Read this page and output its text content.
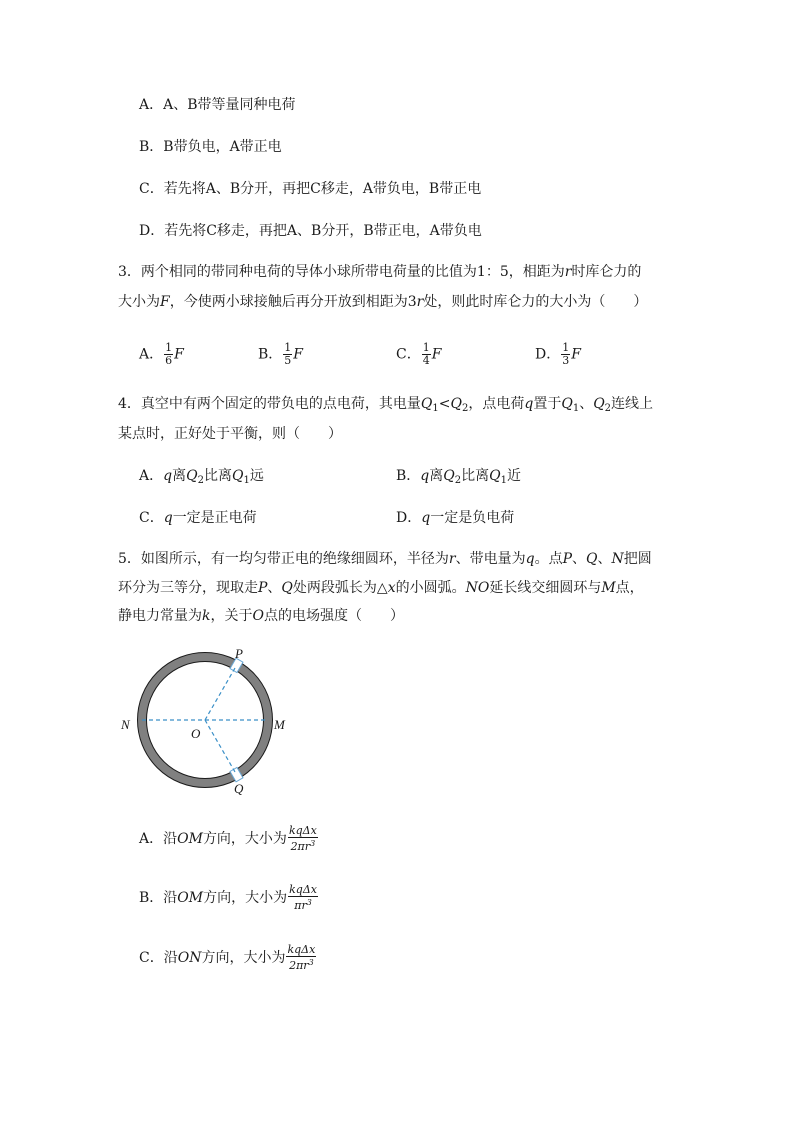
A．A、B带等量同种电荷
B．B带负电，A带正电
C．若先将A、B分开，再把C移走，A带负电，B带正电
D．若先将C移走，再把A、B分开，B带正电，A带负电
3．两个相同的带同种电荷的导体小球所带电荷量的比值为1：5，相距为r时库仑力的
大小为F，今使两小球接触后再分开放到相距为3r处，则此时库仑力的大小为（　　）
A． $\frac{1}{6}$ F	B． $\frac{1}{5}$ F	C． $\frac{1}{4}$ F	D． $\frac{1}{3}$ F
4．真空中有两个固定的带负电的点电荷，其电量$Q_1<Q_2$，点电荷q置于$Q_1$、$Q_2$连线上
某点时，正好处于平衡，则（　　）
A．q离$Q_2$比离$Q_1$远	B．q离$Q_2$比离$Q_1$近
C．q一定是正电荷	D．q一定是负电荷
5．如图所示，有一均匀带正电的绝缘细圆环，半径为r、带电量为q。点P、Q、N把圆
环分为三等分，现取走P、Q处两段弧长为△x的小圆弧。NO延长线交细圆环与M点，
静电力常量为k，关于O点的电场强度（　　）
P
N
O
M
Q
A．沿OM方向，大小为 $\frac{\text{kqΔx}}{2\pi r^3}$
B．沿OM方向，大小为 $\frac{\text{kqΔx}}{\pi r^3}$
C．沿ON方向，大小为 $\frac{\text{kqΔx}}{2\pi r^3}$
